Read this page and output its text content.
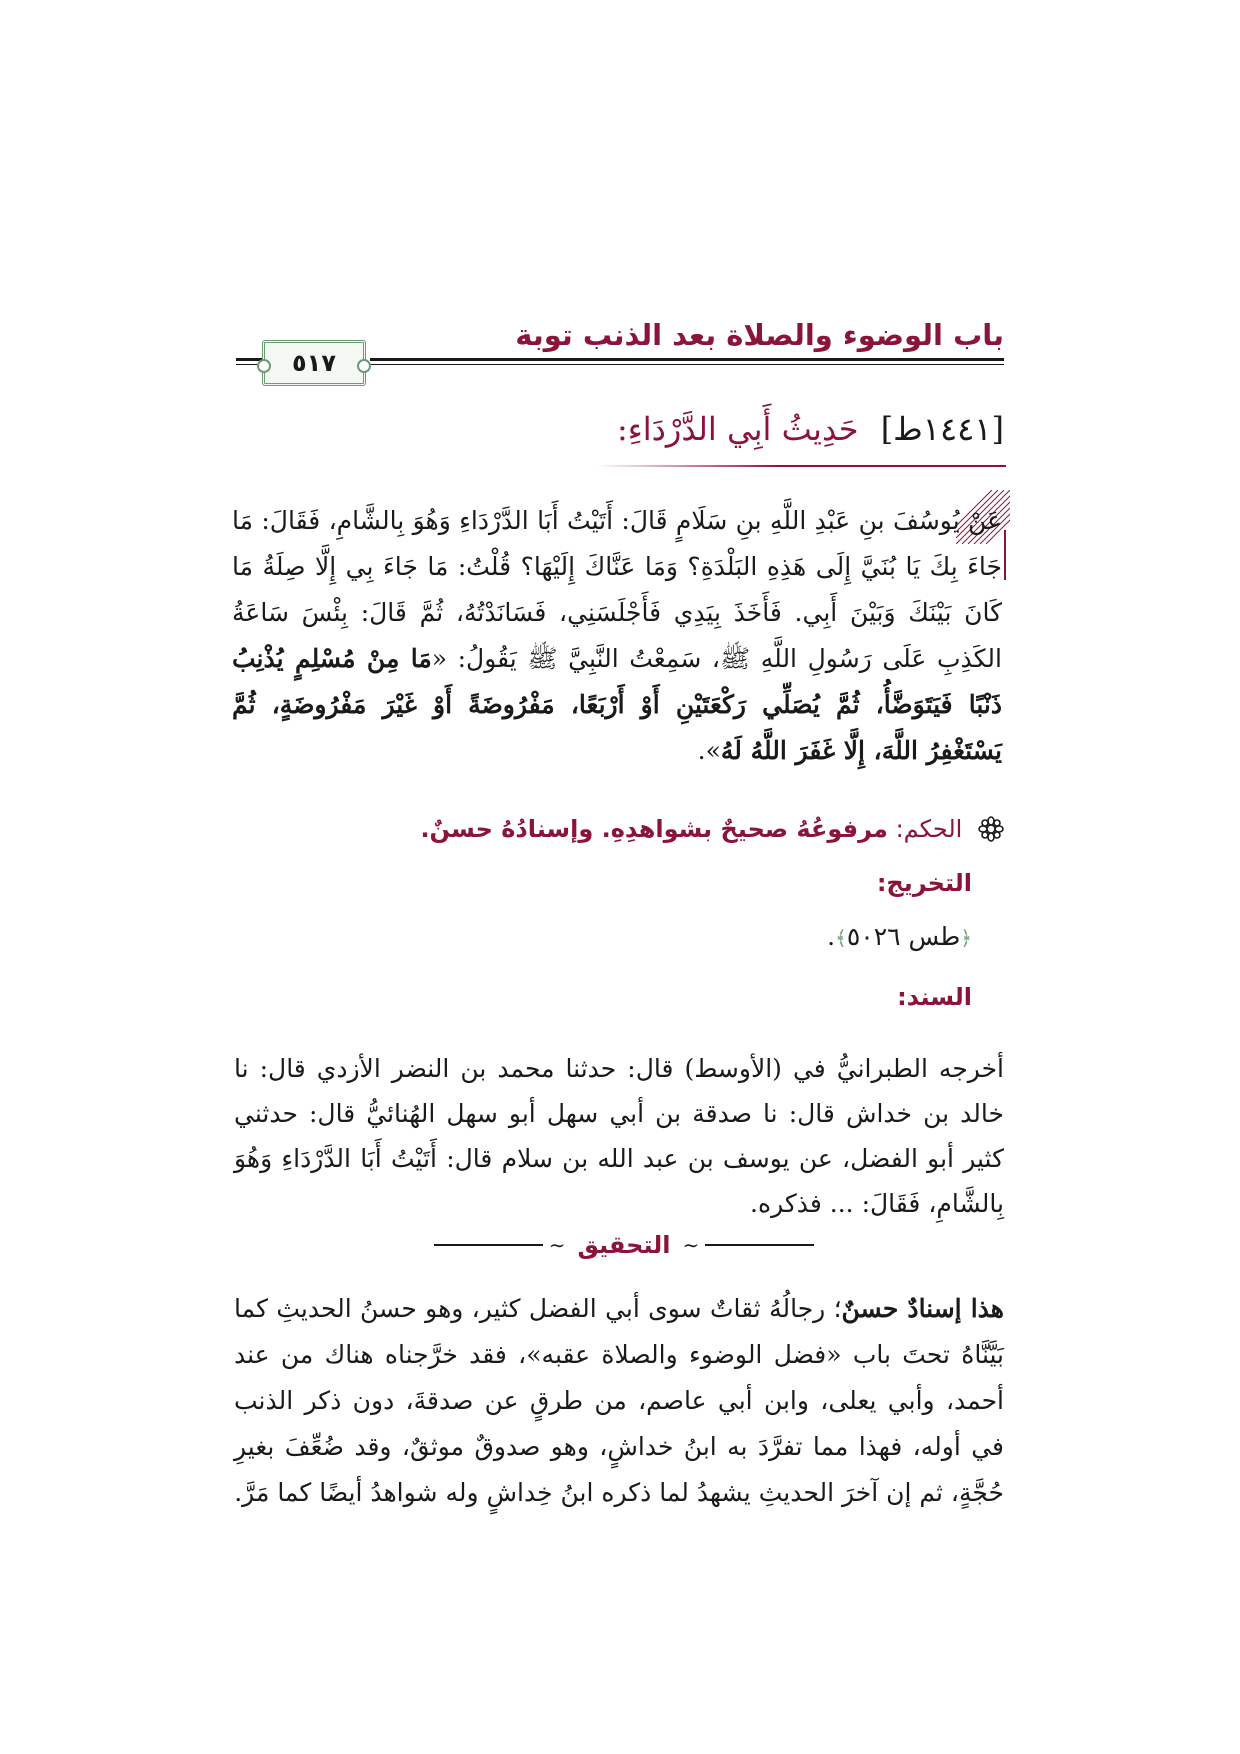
باب الوضوء والصلاة بعد الذنب توبة
٥١٧
[١٤٤١ط] حَدِيثُ أَبِي الدَّرْدَاءِ:
عَنْ يُوسُفَ بنِ عَبْدِ اللَّهِ بنِ سَلَامٍ قَالَ: أَتَيْتُ أَبَا الدَّرْدَاءِ وَهُوَ بِالشَّامِ، فَقَالَ: مَا جَاءَ بِكَ يَا بُنَيَّ إِلَى هَذِهِ البَلْدَةِ؟ وَمَا عَنَّاكَ إِلَيْهَا؟ قُلْتُ: مَا جَاءَ بِي إِلَّا صِلَةُ مَا كَانَ بَيْنَكَ وَبَيْنَ أَبِي. فَأَخَذَ بِيَدِي فَأَجْلَسَنِي، فَسَانَدْتُهُ، ثُمَّ قَالَ: بِئْسَ سَاعَةُ الكَذِبِ عَلَى رَسُولِ اللَّهِ ﷺ، سَمِعْتُ النَّبِيَّ ﷺ يَقُولُ: «مَا مِنْ مُسْلِمٍ يُذْنِبُ ذَنْبًا فَيَتَوَضَّأُ، ثُمَّ يُصَلِّي رَكْعَتَيْنِ أَوْ أَرْبَعًا، مَفْرُوضَةً أَوْ غَيْرَ مَفْرُوضَةٍ، ثُمَّ يَسْتَغْفِرُ اللَّهَ، إِلَّا غَفَرَ اللَّهُ لَهُ».
الحكم: مرفوعُهُ صحيحٌ بشواهدِهِ. وإسنادُهُ حسنٌ.
التخريج:
﴿طس ٥٠٢٦﴾.
السند:
أخرجه الطبرانيُّ في (الأوسط) قال: حدثنا محمد بن النضر الأزدي قال: نا خالد بن خداش قال: نا صدقة بن أبي سهل أبو سهل الهُنائيُّ قال: حدثني كثير أبو الفضل، عن يوسف بن عبد الله بن سلام قال: أَتَيْتُ أَبَا الدَّرْدَاءِ وَهُوَ بِالشَّامِ، فَقَالَ: ... فذكره.
∽
التحقيق
∽
هذا إسنادٌ حسنٌ؛ رجالُهُ ثقاتٌ سوى أبي الفضل كثير، وهو حسنُ الحديثِ كما بَيَّنَّاهُ تحتَ باب «فضل الوضوء والصلاة عقبه»، فقد خرَّجناه هناك من عند أحمد، وأبي يعلى، وابن أبي عاصم، من طرقٍ عن صدقةَ، دون ذكر الذنب في أوله، فهذا مما تفرَّدَ به ابنُ خداشٍ، وهو صدوقٌ موثقٌ، وقد ضُعِّفَ بغيرِ حُجَّةٍ، ثم إن آخرَ الحديثِ يشهدُ لما ذكره ابنُ خِداشٍ وله شواهدُ أيضًا كما مَرَّ.
